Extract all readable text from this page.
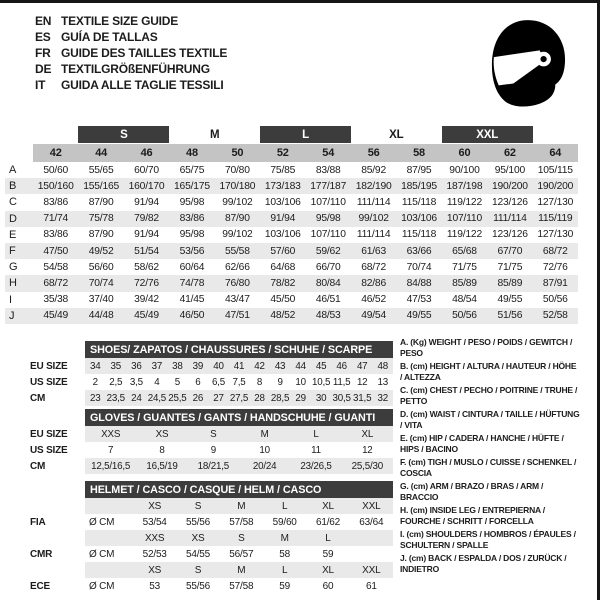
EN TEXTILE SIZE GUIDE
ES GUÍA DE TALLAS
FR GUIDE DES TAILLES TEXTILE
DE TEXTILGRÖßENFÜHRUNG
IT	GUIDA ALLE TAGLIE TESSILI
S	M	L	XL	XXL
42	44	46	48	50	52	54	56	58	60	62	64
A	50/60	55/65	60/70	65/75	70/80	75/85	83/88	85/92	87/95	90/100	95/100	105/115
B	150/160 155/165 160/170 165/175 170/180 173/183 177/187 182/190 185/195 187/198 190/200 190/200
C	83/86	87/90	91/94	95/98	99/102	103/106 107/110	111/114	115/118	119/122 123/126 127/130
D	71/74	75/78	79/82	83/86	87/90	91/94	95/98	99/102	103/106 107/110	111/114	115/119
E	83/86	87/90	91/94	95/98	99/102	103/106 107/110	111/114	115/118	119/122 123/126 127/130
F	47/50	49/52	51/54	53/56	55/58	57/60	59/62	61/63	63/66	65/68	67/70	68/72
G	54/58	56/60	58/62	60/64	62/66	64/68	66/70	68/72	70/74	71/75	71/75	72/76
H	68/72	70/74	72/76	74/78	76/80	78/82	80/84	82/86	84/88	85/89	85/89	87/91
I	35/38	37/40	39/42	41/45	43/47	45/50	46/51	46/52	47/53	48/54	49/55	50/56
J	45/49	44/48	45/49	46/50	47/51	48/52	48/53	49/54	49/55	50/56	51/56	52/58
SHOES/ ZAPATOS / CHAUSSURES / SCHUHE / SCARPE
EU SIZE	34	35	36	37	38	39	40	41	42	43	44	45	46	47	48
US SIZE	2	2,5 3,5	4	5	6	6,5 7,5	8	9	10 10,5 11,5 12	13
CM	23 23,5 24 24,5 25,5 26	27 27,5 28 28,5 29	30 30,5 31,5 32
GLOVES / GUANTES / GANTS / HANDSCHUHE / GUANTI
EU SIZE	XXS	XS	S	M	L	XL
US SIZE	7	8	9	10	11	12
CM	12,5/16,5	16,5/19	18/21,5	20/24	23/26,5	25,5/30
HELMET / CASCO / CASQUE / HELM / CASCO
XS	S	M	L	XL	XXL
FIA	Ø CM	53/54	55/56	57/58	59/60	61/62	63/64
XXS	XS	S	M	L
CMR	Ø CM	52/53	54/55	56/57	58	59
XS	S	M	L	XL	XXL
ECE	Ø CM	53	55/56	57/58	59	60	61
A. (Kg) WEIGHT / PESO / POIDS / GEWITCH / PESO
B. (cm) HEIGHT / ALTURA / HAUTEUR / HÖHE / ALTEZZA
C. (cm) CHEST / PECHO / POITRINE / TRUHE / PETTO
D. (cm) WAIST / CINTURA / TAILLE / HÜFTUNG / VITA
E. (cm) HIP / CADERA / HANCHE / HÜFTE / HIPS / BACINO
F. (cm) TIGH / MUSLO / CUISSE / SCHENKEL / COSCIA
G. (cm) ARM / BRAZO / BRAS / ARM / BRACCIO
H. (cm) INSIDE LEG / ENTREPIERNA / FOURCHE / SCHRITT / FORCELLA
I. (cm) SHOULDERS / HOMBROS / ÉPAULES / SCHULTERN / SPALLE
J. (cm) BACK / ESPALDA / DOS / ZURÜCK / INDIETRO
